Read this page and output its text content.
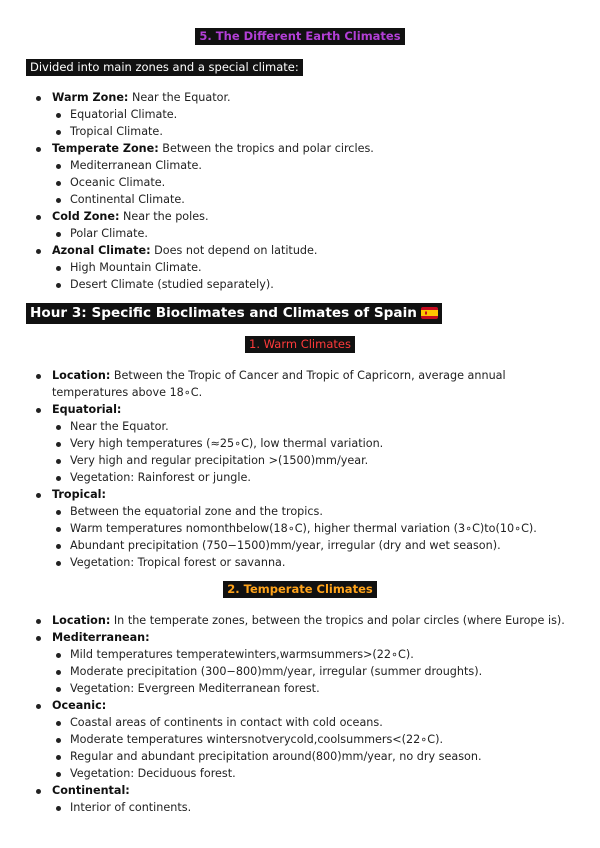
5. The Different Earth Climates
Divided into main zones and a special climate:
Warm Zone: Near the Equator.
Equatorial Climate.
Tropical Climate.
Temperate Zone: Between the tropics and polar circles.
Mediterranean Climate.
Oceanic Climate.
Continental Climate.
Cold Zone: Near the poles.
Polar Climate.
Azonal Climate: Does not depend on latitude.
High Mountain Climate.
Desert Climate (studied separately).
Hour 3: Specific Bioclimates and Climates of Spain
1. Warm Climates
Location: Between the Tropic of Cancer and Tropic of Capricorn, average annual temperatures above 18∘C.
Equatorial:
Near the Equator.
Very high temperatures (≈25∘C), low thermal variation.
Very high and regular precipitation >(1500)mm/year.
Vegetation: Rainforest or jungle.
Tropical:
Between the equatorial zone and the tropics.
Warm temperatures nomonthbelow(18∘C), higher thermal variation (3∘C)to(10∘C).
Abundant precipitation (750−1500)mm/year, irregular (dry and wet season).
Vegetation: Tropical forest or savanna.
2. Temperate Climates
Location: In the temperate zones, between the tropics and polar circles (where Europe is).
Mediterranean:
Mild temperatures temperatewinters,warmsummers>(22∘C).
Moderate precipitation (300−800)mm/year, irregular (summer droughts).
Vegetation: Evergreen Mediterranean forest.
Oceanic:
Coastal areas of continents in contact with cold oceans.
Moderate temperatures wintersnotverycold,coolsummers<(22∘C).
Regular and abundant precipitation around(800)mm/year, no dry season.
Vegetation: Deciduous forest.
Continental:
Interior of continents.
